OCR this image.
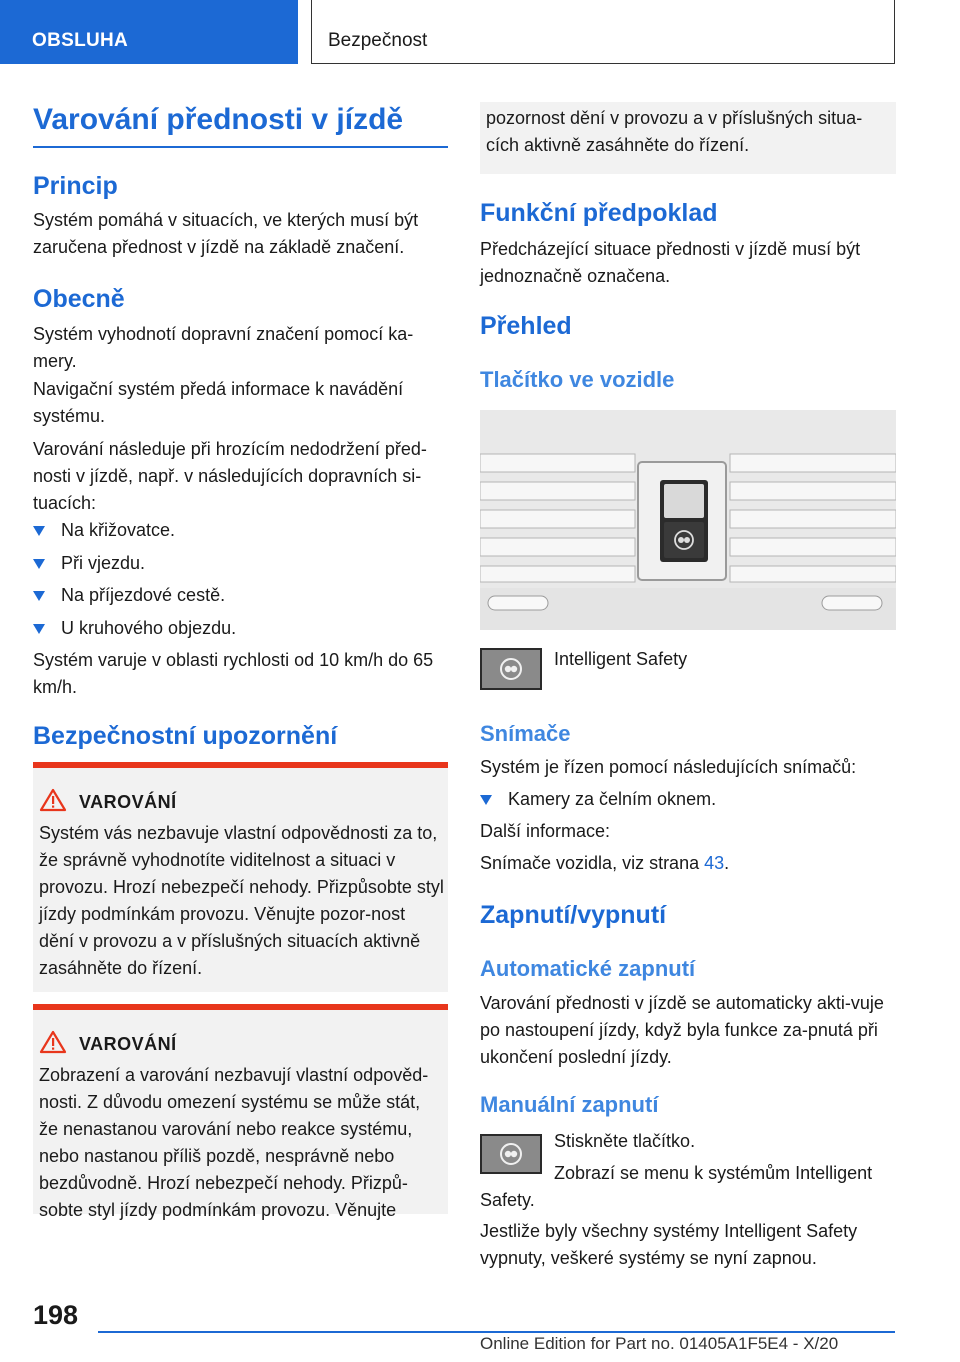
OBSLUHA	Bezpečnost
Varování přednosti v jízdě
Princip
Systém pomáhá v situacích, ve kterých musí být zaručena přednost v jízdě na základě značení.
Obecně
Systém vyhodnotí dopravní značení pomocí ka-mery.
Navigační systém předá informace k navádění systému.
Varování následuje při hrozícím nedodržení před-nosti v jízdě, např. v následujících dopravních si-tuacích:
Na křižovatce.
Při vjezdu.
Na příjezdové cestě.
U kruhového objezdu.
Systém varuje v oblasti rychlosti od 10 km/h do 65 km/h.
Bezpečnostní upozornění
VAROVÁNÍ
Systém vás nezbavuje vlastní odpovědnosti za to, že správně vyhodnotíte viditelnost a situaci v provozu. Hrozí nebezpečí nehody. Přizpůsobte styl jízdy podmínkám provozu. Věnujte pozor-nost dění v provozu a v příslušných situacích aktivně zasáhněte do řízení.
VAROVÁNÍ
Zobrazení a varování nezbavují vlastní odpověd-nosti. Z důvodu omezení systému se může stát, že nenastanou varování nebo reakce systému, nebo nastanou příliš pozdě, nesprávně nebo bezdůvodně. Hrozí nebezpečí nehody. Přizpů-sobte styl jízdy podmínkám provozu. Věnujte
pozornost dění v provozu a v příslušných situa-cích aktivně zasáhněte do řízení.
Funkční předpoklad
Předcházející situace přednosti v jízdě musí být jednoznačně označena.
Přehled
Tlačítko ve vozidle
Intelligent Safety
Snímače
Systém je řízen pomocí následujících snímačů:
Kamery za čelním oknem.
Další informace:
Snímače vozidla, viz strana 43.
Zapnutí/vypnutí
Automatické zapnutí
Varování přednosti v jízdě se automaticky akti-vuje po nastoupení jízdy, když byla funkce za-pnutá při ukončení poslední jízdy.
Manuální zapnutí
Stiskněte tlačítko.
Zobrazí se menu k systémům Intelligent Safety.
Jestliže byly všechny systémy Intelligent Safety vypnuty, veškeré systémy se nyní zapnou.
198
Online Edition for Part no. 01405A1F5E4 - X/20
